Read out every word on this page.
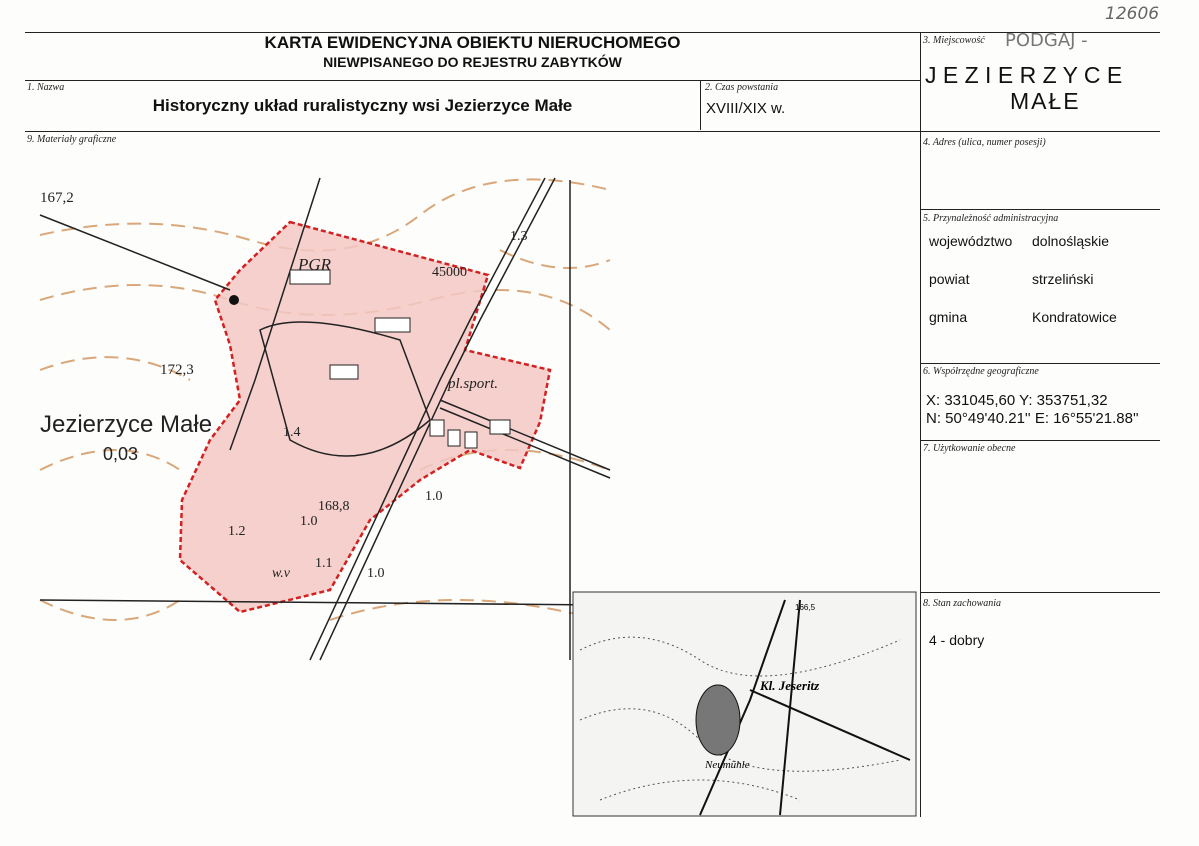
12606
KARTA EWIDENCYJNA OBIEKTU NIERUCHOMEGO
NIEWPISANEGO DO REJESTRU ZABYTKÓW
1. Nazwa
Historyczny układ ruralistyczny wsi Jezierzyce Małe
2. Czas powstania
XVIII/XIX w.
3. Miejscowość PODGAJ -
J E Z I E R Z Y C E
MAŁE
4. Adres (ulica, numer posesji)
5. Przynależność administracyjna
województwo dolnośląskie
powiat	strzeliński
gmina	Kondratowice
6. Współrzędne geograficzne
X: 331045,60 Y: 353751,32
N: 50°49'40.21'' E: 16°55'21.88''
7. Użytkowanie obecne
8. Stan zachowania
4 - dobry
9. Materiały graficzne
167,2
PGR	45000
1.3
172,3
Jezierzyce Małe
0,03
pl.sport.
168,8
1.4
1.0
1.0
1.2
w.v
1.1
1.0
Kl. Jeseritz
Neumühle
166,5
